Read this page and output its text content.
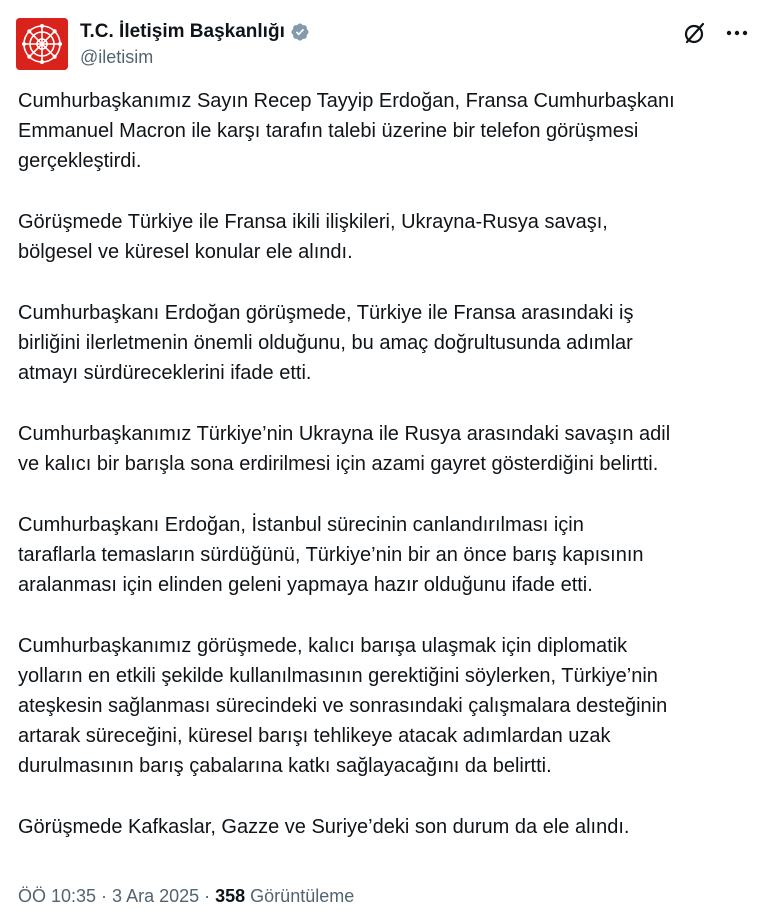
T.C. İletişim Başkanlığı
@iletisim

Cumhurbaşkanımız Sayın Recep Tayyip Erdoğan, Fransa Cumhurbaşkanı
Emmanuel Macron ile karşı tarafın talebi üzerine bir telefon görüşmesi
gerçekleştirdi.

Görüşmede Türkiye ile Fransa ikili ilişkileri, Ukrayna-Rusya savaşı,
bölgesel ve küresel konular ele alındı.

Cumhurbaşkanı Erdoğan görüşmede, Türkiye ile Fransa arasındaki iş
birliğini ilerletmenin önemli olduğunu, bu amaç doğrultusunda adımlar
atmayı sürdüreceklerini ifade etti.

Cumhurbaşkanımız Türkiye’nin Ukrayna ile Rusya arasındaki savaşın adil
ve kalıcı bir barışla sona erdirilmesi için azami gayret gösterdiğini belirtti.

Cumhurbaşkanı Erdoğan, İstanbul sürecinin canlandırılması için
taraflarla temasların sürdüğünü, Türkiye’nin bir an önce barış kapısının
aralanması için elinden geleni yapmaya hazır olduğunu ifade etti.

Cumhurbaşkanımız görüşmede, kalıcı barışa ulaşmak için diplomatik
yolların en etkili şekilde kullanılmasının gerektiğini söylerken, Türkiye’nin
ateşkesin sağlanması sürecindeki ve sonrasındaki çalışmalara desteğinin
artarak süreceğini, küresel barışı tehlikeye atacak adımlardan uzak
durulmasının barış çabalarına katkı sağlayacağını da belirtti.

Görüşmede Kafkaslar, Gazze ve Suriye’deki son durum da ele alındı.

ÖÖ 10:35 · 3 Ara 2025 · 358 Görüntüleme
